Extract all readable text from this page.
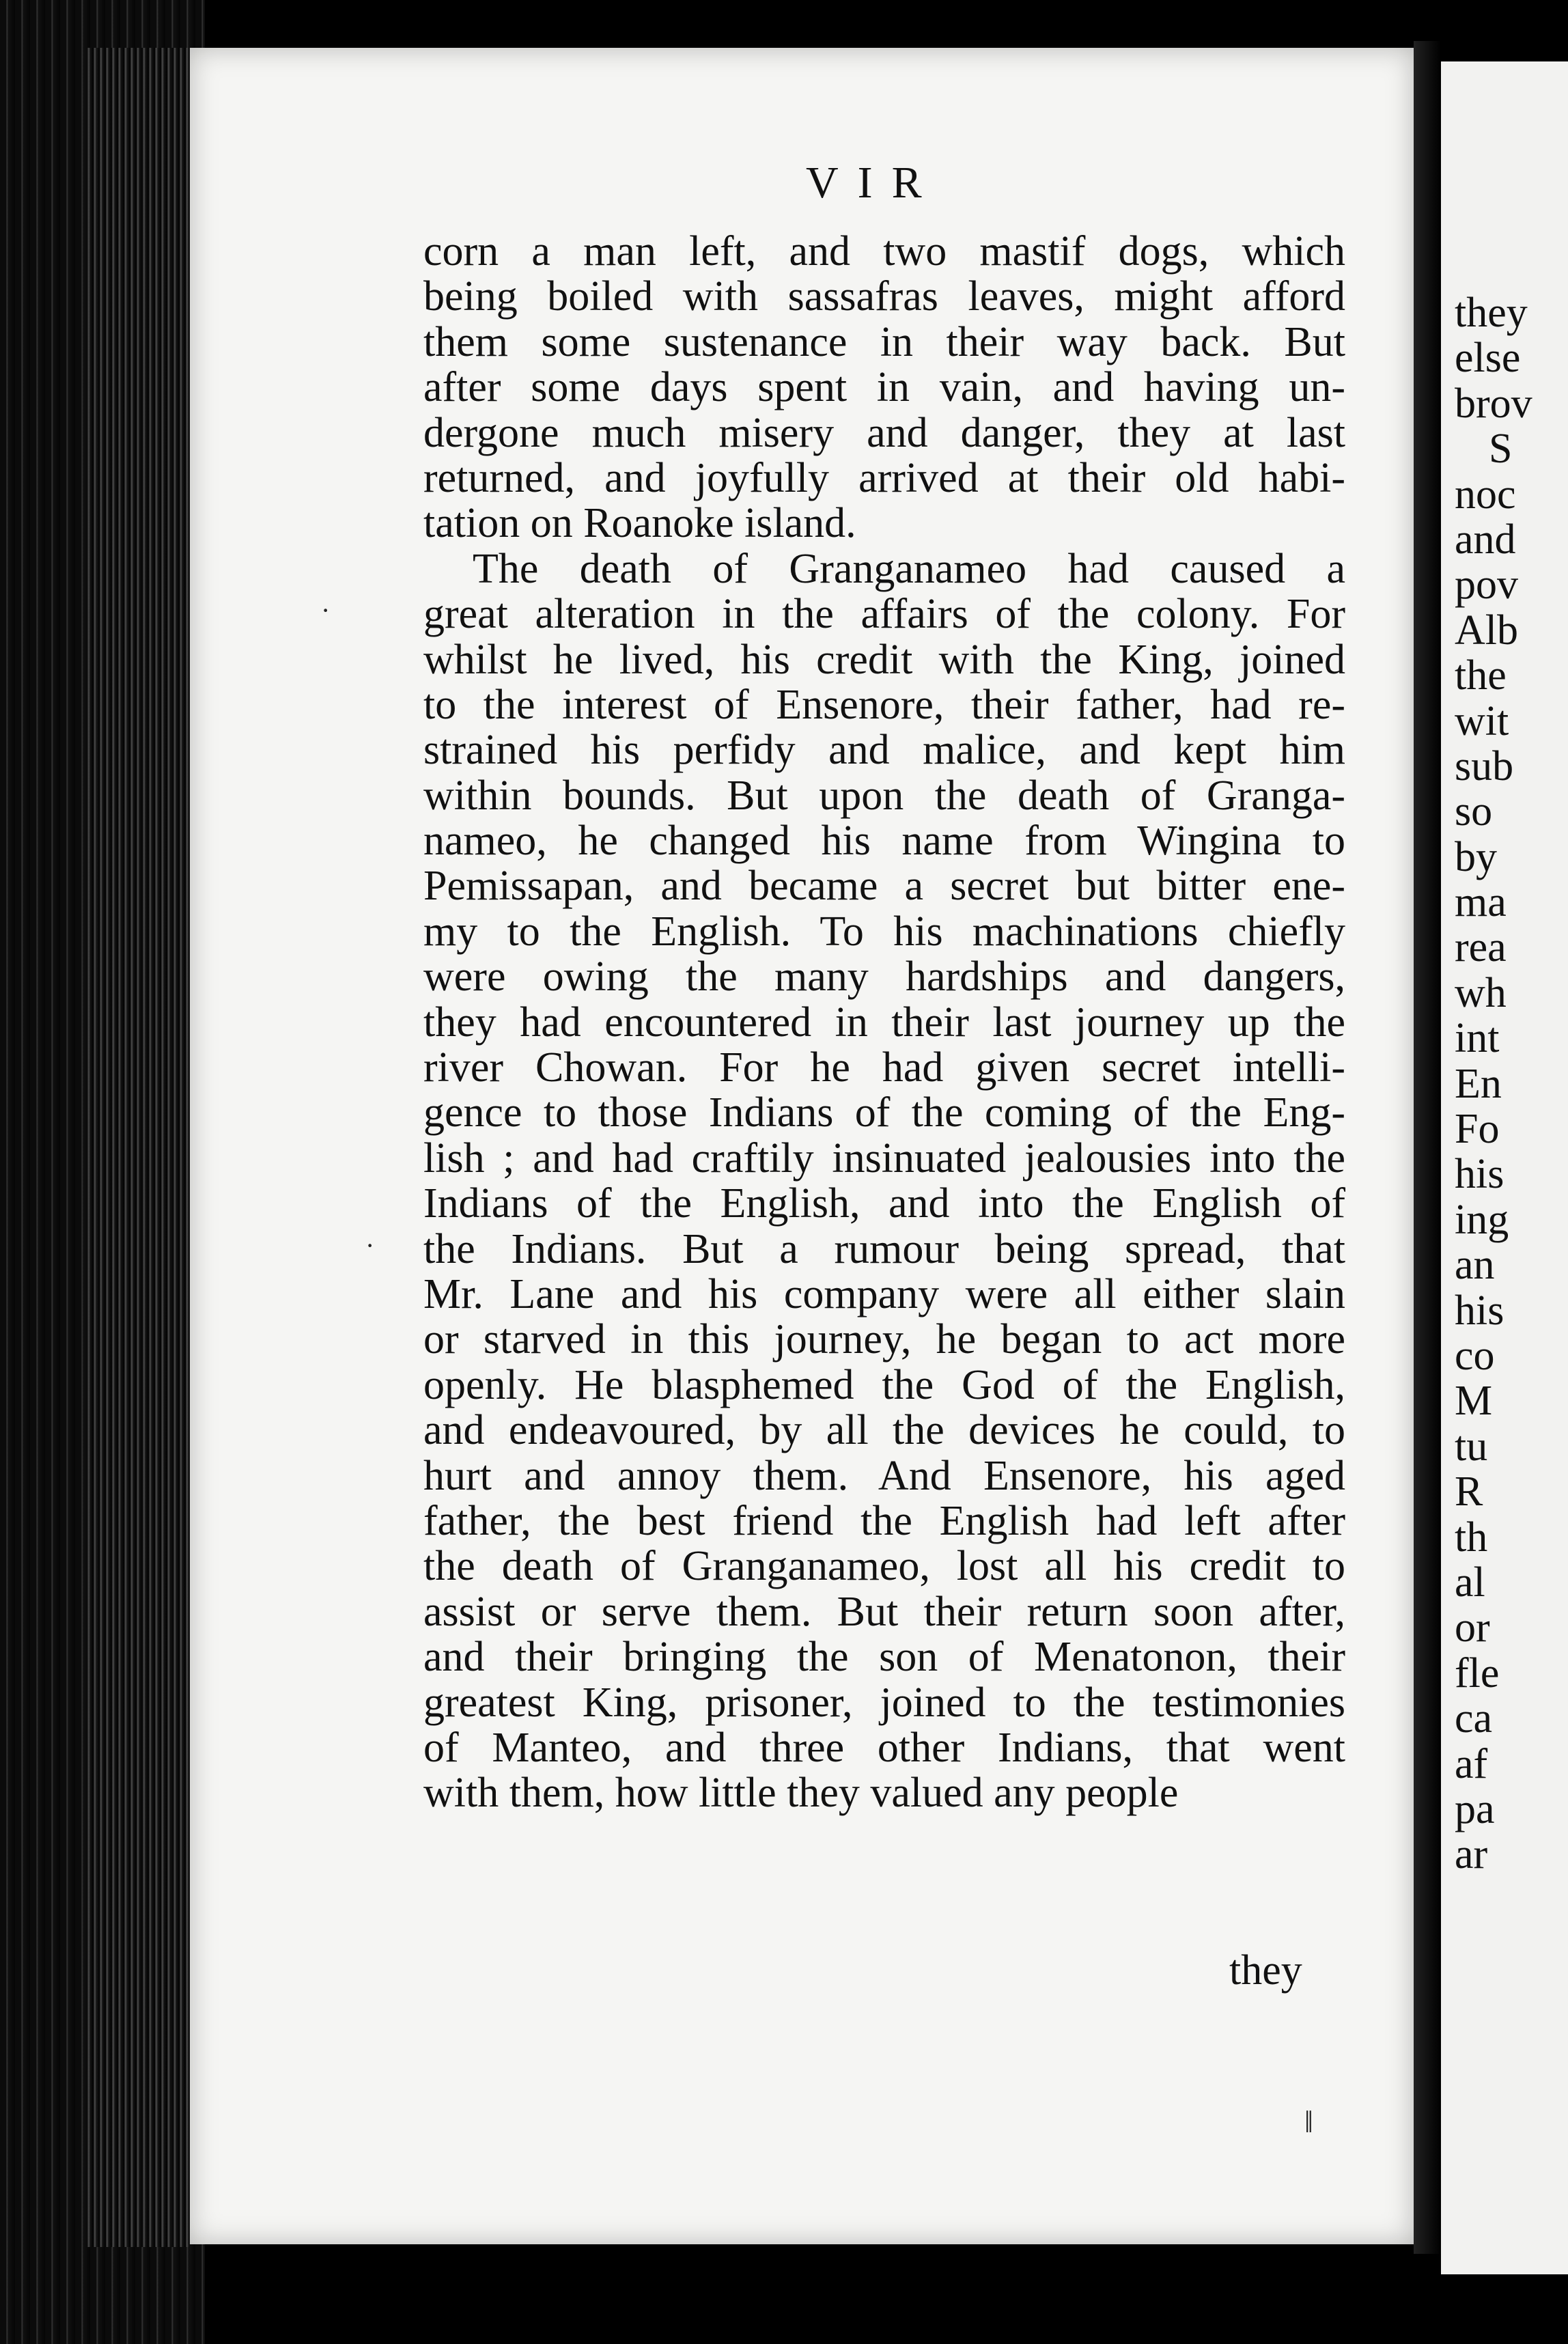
VIR
corn a man left, and two mastif dogs, which
being boiled with sassafras leaves, might afford
them some sustenance in their way back. But
after some days spent in vain, and having un-
dergone much misery and danger, they at last
returned, and joyfully arrived at their old habi-
tation on Roanoke island.
The death of Granganameo had caused a
great alteration in the affairs of the colony. For
whilst he lived, his credit with the King, joined
to the interest of Ensenore, their father, had re-
strained his perfidy and malice, and kept him
within bounds. But upon the death of Granga-
nameo, he changed his name from Wingina to
Pemissapan, and became a secret but bitter ene-
my to the English. To his machinations chiefly
were owing the many hardships and dangers,
they had encountered in their last journey up the
river Chowan. For he had given secret intelli-
gence to those Indians of the coming of the Eng-
lish ; and had craftily insinuated jealousies into the
Indians of the English, and into the English of
the Indians. But a rumour being spread, that
Mr. Lane and his company were all either slain
or starved in this journey, he began to act more
openly. He blasphemed the God of the English,
and endeavoured, by all the devices he could, to
hurt and annoy them. And Ensenore, his aged
father, the best friend the English had left after
the death of Granganameo, lost all his credit to
assist or serve them. But their return soon after,
and their bringing the son of Menatonon, their
greatest King, prisoner, joined to the testimonies
of Manteo, and three other Indians, that went
with them, how little they valued any people
they
ǁ
·
·
they
else
brov
S
noc
and
pov
Alb
the
wit
sub
so
by
ma
rea
wh
int
En
Fo
his
ing
an
his
co
M
tu
R
th
al
or
fle
ca
af
pa
ar
